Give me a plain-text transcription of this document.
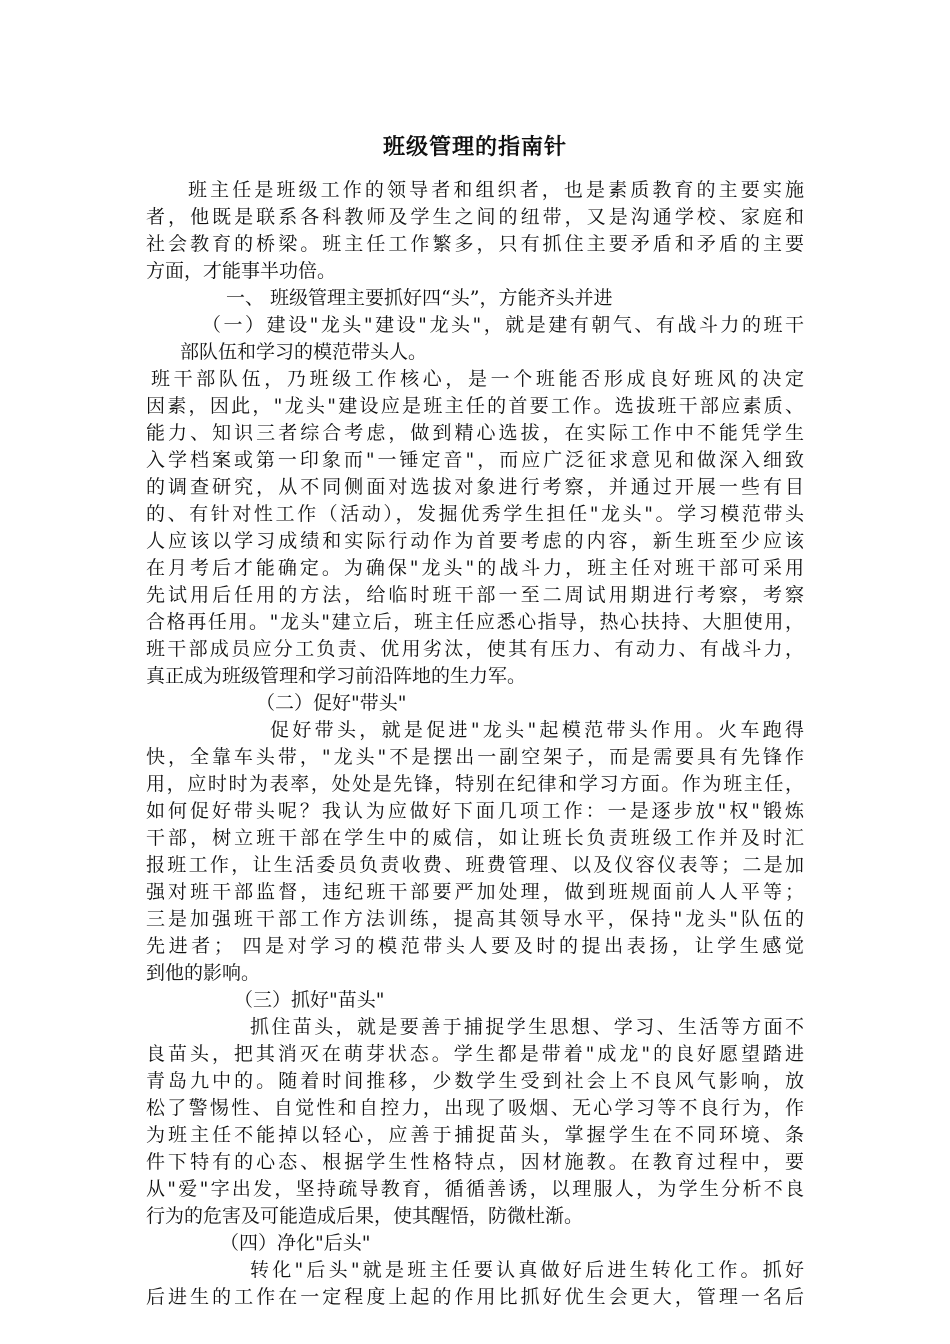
班级管理的指南针
班主任是班级工作的领导者和组织者，也是素质教育的主要实施
者，他既是联系各科教师及学生之间的纽带，又是沟通学校、家庭和
社会教育的桥梁。班主任工作繁多，只有抓住主要矛盾和矛盾的主要
方面，才能事半功倍。
一、 班级管理主要抓好四“头”，方能齐头并进
（一）建设"龙头"建设"龙头"，就是建有朝气、有战斗力的班干
部队伍和学习的模范带头人。
班干部队伍，乃班级工作核心，是一个班能否形成良好班风的决定
因素，因此，"龙头"建设应是班主任的首要工作。选拔班干部应素质、
能力、知识三者综合考虑，做到精心选拔，在实际工作中不能凭学生
入学档案或第一印象而"一锤定音"，而应广泛征求意见和做深入细致
的调查研究，从不同侧面对选拔对象进行考察，并通过开展一些有目
的、有针对性工作（活动），发掘优秀学生担任"龙头"。学习模范带头
人应该以学习成绩和实际行动作为首要考虑的内容，新生班至少应该
在月考后才能确定。为确保"龙头"的战斗力，班主任对班干部可采用
先试用后任用的方法，给临时班干部一至二周试用期进行考察，考察
合格再任用。"龙头"建立后，班主任应悉心指导，热心扶持、大胆使用，
班干部成员应分工负责、优用劣汰，使其有压力、有动力、有战斗力，
真正成为班级管理和学习前沿阵地的生力军。
（二）促好"带头"
促好带头，就是促进"龙头"起模范带头作用。火车跑得
快，全靠车头带，"龙头"不是摆出一副空架子，而是需要具有先锋作
用，应时时为表率，处处是先锋，特别在纪律和学习方面。作为班主任，
如何促好带头呢？我认为应做好下面几项工作：一是逐步放"权"锻炼
干部，树立班干部在学生中的威信，如让班长负责班级工作并及时汇
报班工作，让生活委员负责收费、班费管理、以及仪容仪表等；二是加
强对班干部监督，违纪班干部要严加处理，做到班规面前人人平等；
三是加强班干部工作方法训练，提高其领导水平，保持"龙头"队伍的
先进者； 四是对学习的模范带头人要及时的提出表扬，让学生感觉
到他的影响。
（三）抓好"苗头"
抓住苗头，就是要善于捕捉学生思想、学习、生活等方面不
良苗头，把其消灭在萌芽状态。学生都是带着"成龙"的良好愿望踏进
青岛九中的。随着时间推移，少数学生受到社会上不良风气影响，放
松了警惕性、自觉性和自控力，出现了吸烟、无心学习等不良行为，作
为班主任不能掉以轻心，应善于捕捉苗头，掌握学生在不同环境、条
件下特有的心态、根据学生性格特点，因材施教。在教育过程中，要
从"爱"字出发，坚持疏导教育，循循善诱，以理服人，为学生分析不良
行为的危害及可能造成后果，使其醒悟，防微杜渐。
（四）净化"后头"
转化"后头"就是班主任要认真做好后进生转化工作。抓好
后进生的工作在一定程度上起的作用比抓好优生会更大，管理一名后
